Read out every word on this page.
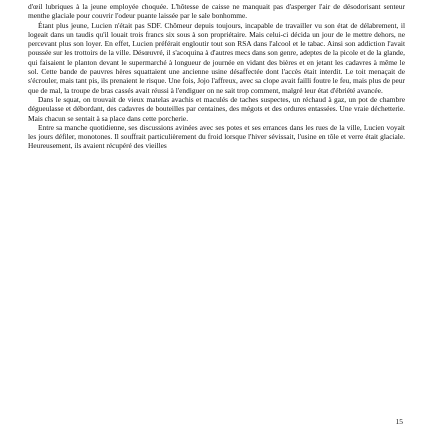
d'œil lubriques à la jeune employée choquée. L'hôtesse de caisse ne manquait pas d'asperger l'air de désodorisant senteur menthe glaciale pour couvrir l'odeur puante laissée par le sale bonhomme.

Étant plus jeune, Lucien n'était pas SDF. Chômeur depuis toujours, incapable de travailler vu son état de délabrement, il logeait dans un taudis qu'il louait trois francs six sous à son propriétaire. Mais celui-ci décida un jour de le mettre dehors, ne percevant plus son loyer. En effet, Lucien préférait engloutir tout son RSA dans l'alcool et le tabac. Ainsi son addiction l'avait poussée sur les trottoirs de la ville. Désœuvré, il s'acoquina à d'autres mecs dans son genre, adeptes de la picole et de la glande, qui faisaient le planton devant le supermarché à longueur de journée en vidant des bières et en jetant les cadavres à même le sol. Cette bande de pauvres hères squattaient une ancienne usine désaffectée dont l'accès était interdit. Le toit menaçait de s'écrouler, mais tant pis, ils prenaient le risque. Une fois, Jojo l'affreux, avec sa clope avait failli foutre le feu, mais plus de peur que de mal, la troupe de bras cassés avait réussi à l'endiguer on ne sait trop comment, malgré leur état d'ébriété avancée.

Dans le squat, on trouvait de vieux matelas avachis et maculés de taches suspectes, un réchaud à gaz, un pot de chambre dégueulasse et débordant, des cadavres de bouteilles par centaines, des mégots et des ordures entassées. Une vraie déchetterie. Mais chacun se sentait à sa place dans cette porcherie.

Entre sa manche quotidienne, ses discussions avinées avec ses potes et ses errances dans les rues de la ville, Lucien voyait les jours défiler, monotones. Il souffrait particulièrement du froid lorsque l'hiver sévissait, l'usine en tôle et verre était glaciale. Heureusement, ils avaient récupéré des vieilles

15
